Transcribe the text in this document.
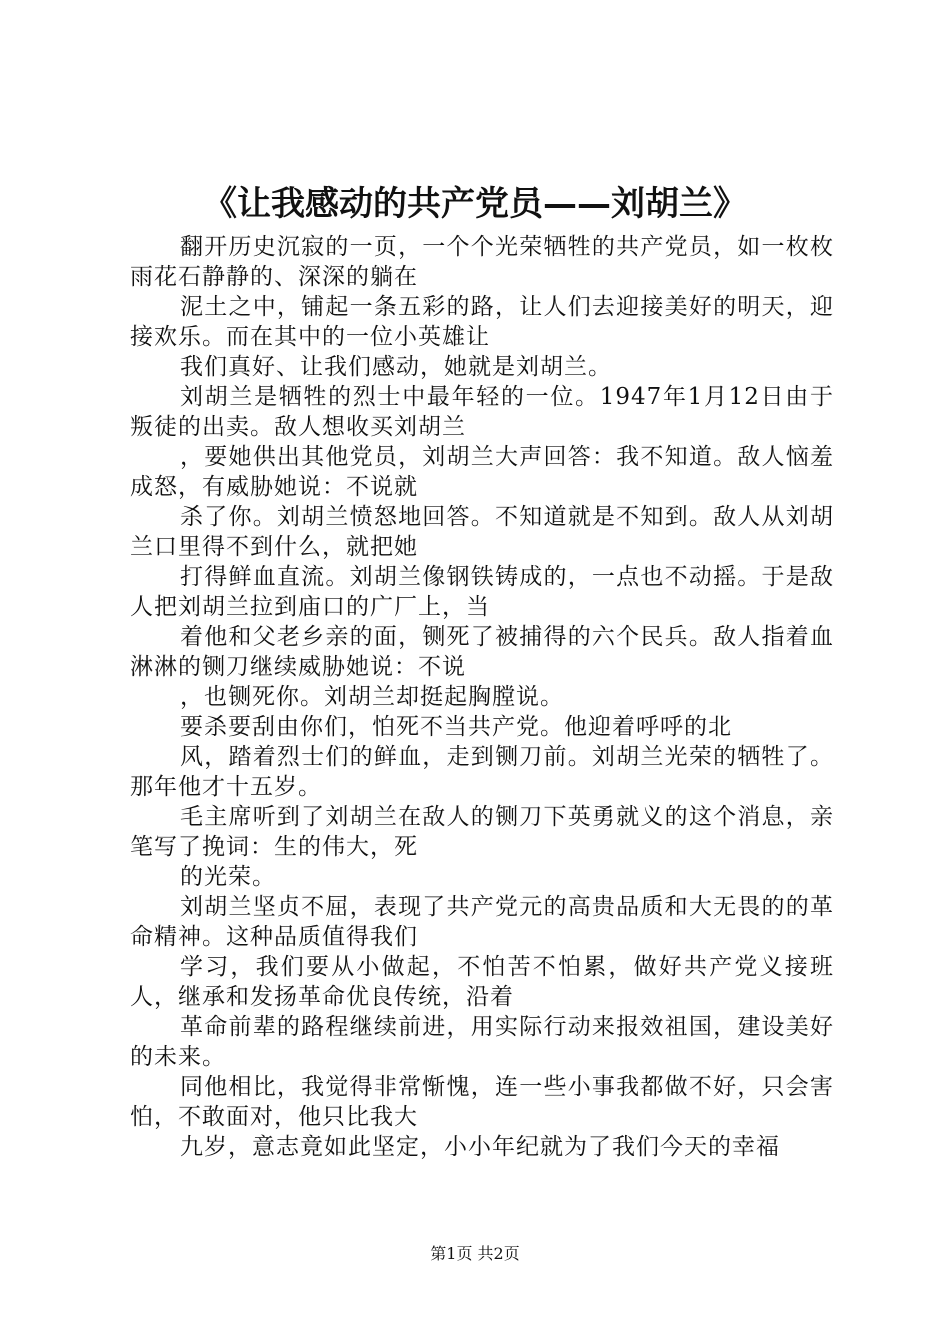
《让我感动的共产党员——刘胡兰》

翻开历史沉寂的一页，一个个光荣牺牲的共产党员，如一枚枚雨花石静静的、深深的躺在

泥土之中，铺起一条五彩的路，让人们去迎接美好的明天，迎接欢乐。而在其中的一位小英雄让

我们真好、让我们感动，她就是刘胡兰。

刘胡兰是牺牲的烈士中最年轻的一位。1947年1月12日由于叛徒的出卖。敌人想收买刘胡兰

，要她供出其他党员，刘胡兰大声回答：我不知道。敌人恼羞成怒，有威胁她说：不说就

杀了你。刘胡兰愤怒地回答。不知道就是不知到。敌人从刘胡兰口里得不到什么，就把她

打得鲜血直流。刘胡兰像钢铁铸成的，一点也不动摇。于是敌人把刘胡兰拉到庙口的广厂上，当

着他和父老乡亲的面，铡死了被捕得的六个民兵。敌人指着血淋淋的铡刀继续威胁她说：不说

，也铡死你。刘胡兰却挺起胸膛说。

要杀要刮由你们，怕死不当共产党。他迎着呼呼的北

风，踏着烈士们的鲜血，走到铡刀前。刘胡兰光荣的牺牲了。那年他才十五岁。

毛主席听到了刘胡兰在敌人的铡刀下英勇就义的这个消息，亲笔写了挽词：生的伟大，死

的光荣。

刘胡兰坚贞不屈，表现了共产党元的高贵品质和大无畏的的革命精神。这种品质值得我们

学习，我们要从小做起，不怕苦不怕累，做好共产党义接班人，继承和发扬革命优良传统，沿着

革命前辈的路程继续前进，用实际行动来报效祖国，建设美好的未来。

同他相比，我觉得非常惭愧，连一些小事我都做不好，只会害怕，不敢面对，他只比我大

九岁，意志竟如此坚定，小小年纪就为了我们今天的幸福

第1页 共2页
